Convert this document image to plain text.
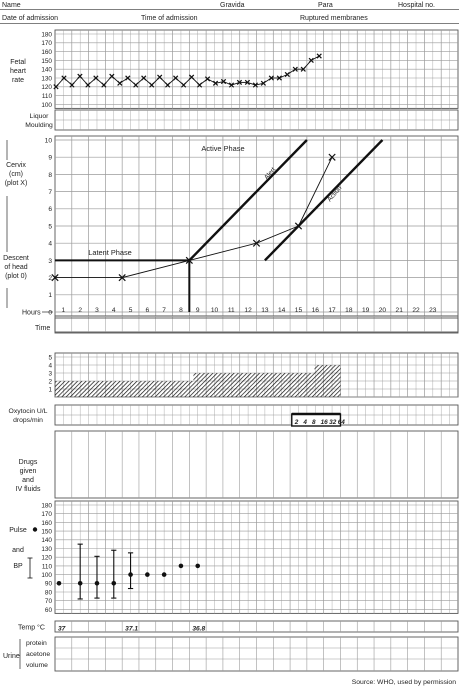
Name	Gravida	Para	Hospital no.
Date of admission	Time of admission	Ruptured membranes
180
170
160
150
140
130
120
110
100
Fetal
heart
rate
Liquor
Moulding
10
9
8
7
6
5
4
3
2
1
0
Cervix
(cm)
(plot X)
Descent
of head
(plot 0)
Hours
Time
1 2 3 4 5 6 7 8 9 10 11 12 13 14 15 16 17 18 19 20 21 22 23
Active Phase
Latent Phase
Alert
Action
5
4
3
2
1
Oxytocin U/L
drops/min	2 4 8 16 32 64
Drugs
given
and
IV fluids
180
170
160
150
140
130
120
110
100
90
80
70
60
Pulse
and
BP
Temp °C 37	37.1	36.8
Urine
protein
acetone
volume
Source: WHO, used by permission
